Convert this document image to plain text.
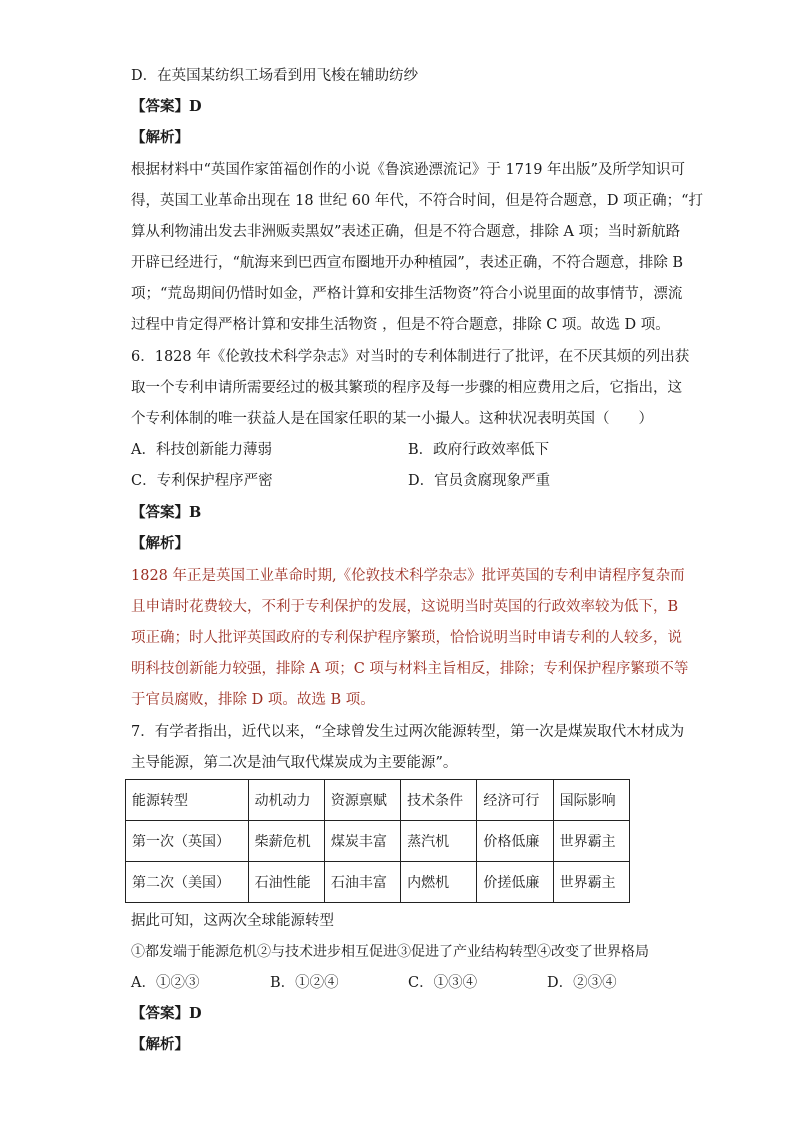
D．在英国某纺织工场看到用飞梭在辅助纺纱
【答案】D
【解析】
根据材料中“英国作家笛福创作的小说《鲁滨逊漂流记》于 1719 年出版”及所学知识可
得，英国工业革命出现在 18 世纪 60 年代，不符合时间，但是符合题意，D 项正确；“打
算从利物浦出发去非洲贩卖黑奴”表述正确，但是不符合题意，排除 A 项；当时新航路
开辟已经进行，“航海来到巴西宣布圈地开办种植园”，表述正确，不符合题意，排除 B
项；“荒岛期间仍惜时如金，严格计算和安排生活物资”符合小说里面的故事情节，漂流
过程中肯定得严格计算和安排生活物资 ，但是不符合题意，排除 C 项。故选 D 项。
6．1828 年《伦敦技术科学杂志》对当时的专利体制进行了批评，在不厌其烦的列出获
取一个专利申请所需要经过的极其繁琐的程序及每一步骤的相应费用之后，它指出，这
个专利体制的唯一获益人是在国家任职的某一小撮人。这种状况表明英国（　　）
A．科技创新能力薄弱	B．政府行政效率低下
C．专利保护程序严密	D．官员贪腐现象严重
【答案】B
【解析】
1828 年正是英国工业革命时期,《伦敦技术科学杂志》批评英国的专利申请程序复杂而
且申请时花费较大，不利于专利保护的发展，这说明当时英国的行政效率较为低下，B
项正确；时人批评英国政府的专利保护程序繁琐，恰恰说明当时申请专利的人较多，说
明科技创新能力较强，排除 A 项；C 项与材料主旨相反，排除；专利保护程序繁琐不等
于官员腐败，排除 D 项。故选 B 项。
7．有学者指出，近代以来，“全球曾发生过两次能源转型，第一次是煤炭取代木材成为
主导能源，第二次是油气取代煤炭成为主要能源”。
能源转型	动机动力	资源禀赋	技术条件	经济可行	国际影响
第一次（英国）	柴薪危机	煤炭丰富	蒸汽机	价格低廉	世界霸主
第二次（美国）	石油性能	石油丰富	内燃机	价搓低廉	世界霸主
据此可知，这两次全球能源转型
①都发端于能源危机②与技术进步相互促进③促进了产业结构转型④改变了世界格局
A．①②③	B．①②④	C．①③④	D．②③④
【答案】D
【解析】
